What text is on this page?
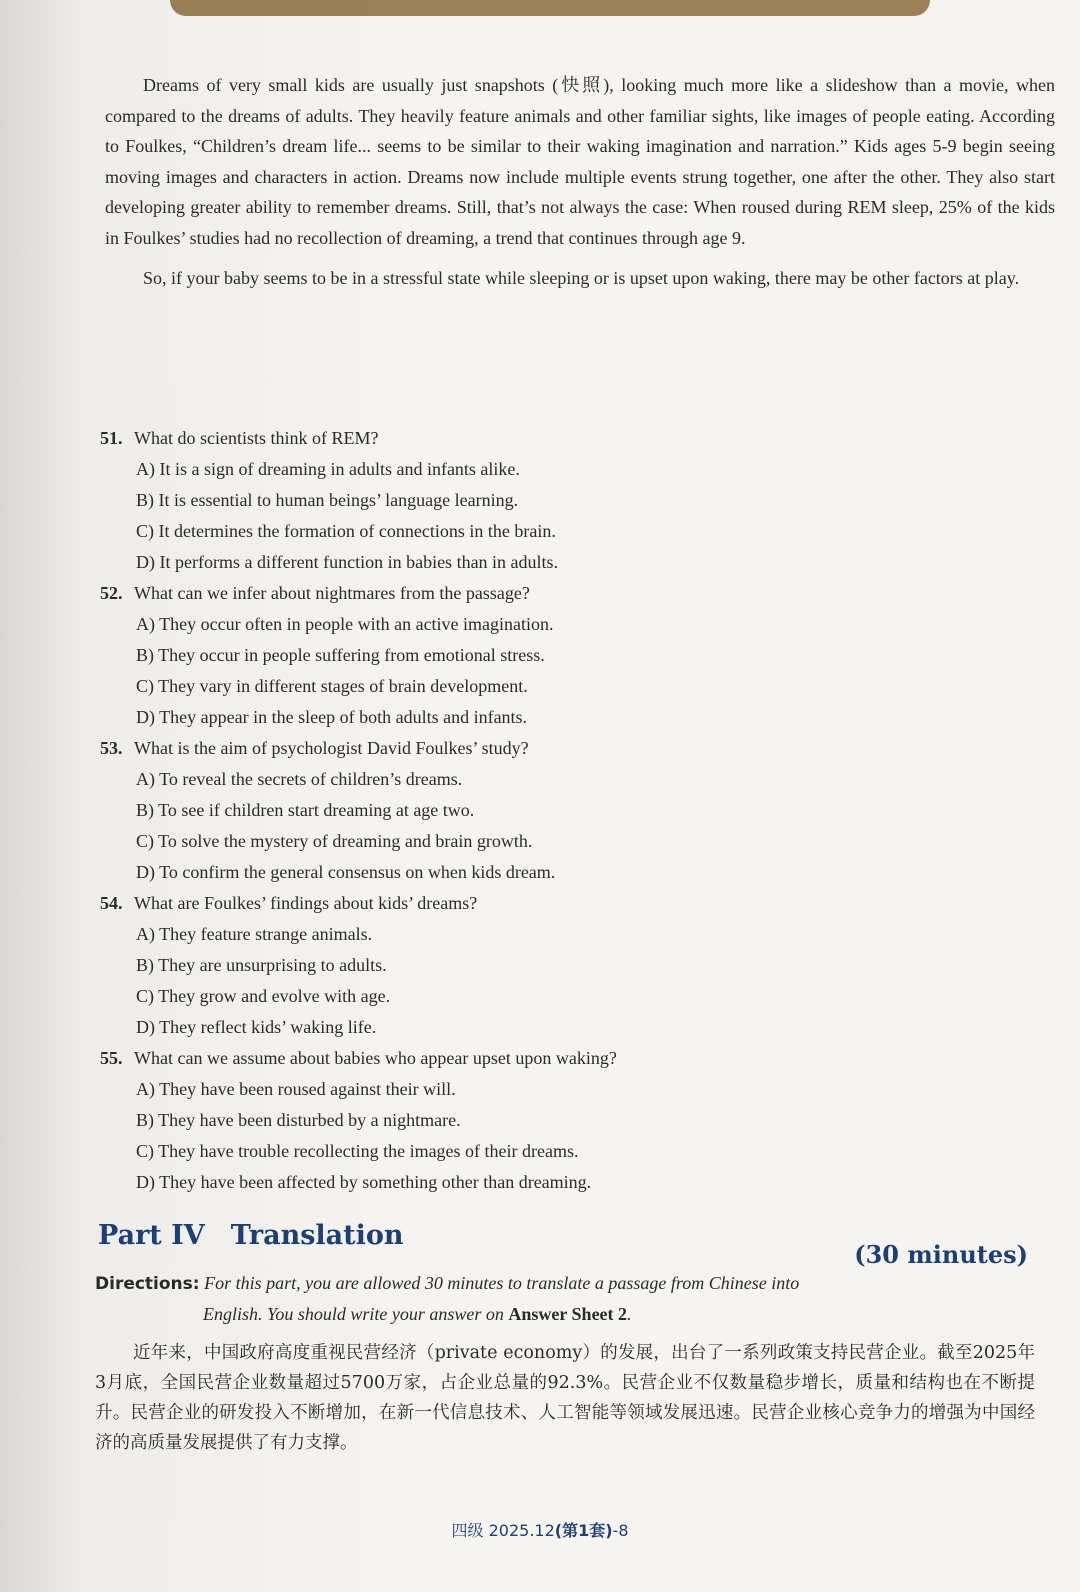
Dreams of very small kids are usually just snapshots (快照), looking much more like a slideshow than a movie, when compared to the dreams of adults. They heavily feature animals and other familiar sights, like images of people eating. According to Foulkes, “Children’s dream life... seems to be similar to their waking imagination and narration.” Kids ages 5-9 begin seeing moving images and characters in action. Dreams now include multiple events strung together, one after the other. They also start developing greater ability to remember dreams. Still, that’s not always the case: When roused during REM sleep, 25% of the kids in Foulkes’ studies had no recollection of dreaming, a trend that continues through age 9.

So, if your baby seems to be in a stressful state while sleeping or is upset upon waking, there may be other factors at play.

51. What do scientists think of REM?
A) It is a sign of dreaming in adults and infants alike.
B) It is essential to human beings’ language learning.
C) It determines the formation of connections in the brain.
D) It performs a different function in babies than in adults.
52. What can we infer about nightmares from the passage?
A) They occur often in people with an active imagination.
B) They occur in people suffering from emotional stress.
C) They vary in different stages of brain development.
D) They appear in the sleep of both adults and infants.
53. What is the aim of psychologist David Foulkes’ study?
A) To reveal the secrets of children’s dreams.
B) To see if children start dreaming at age two.
C) To solve the mystery of dreaming and brain growth.
D) To confirm the general consensus on when kids dream.
54. What are Foulkes’ findings about kids’ dreams?
A) They feature strange animals.
B) They are unsurprising to adults.
C) They grow and evolve with age.
D) They reflect kids’ waking life.
55. What can we assume about babies who appear upset upon waking?
A) They have been roused against their will.
B) They have been disturbed by a nightmare.
C) They have trouble recollecting the images of their dreams.
D) They have been affected by something other than dreaming.
Part IV Translation
(30 minutes)
Directions: For this part, you are allowed 30 minutes to translate a passage from Chinese into
English. You should write your answer on Answer Sheet 2.

近年来，中国政府高度重视民营经济（private economy）的发展，出台了一系列政策支持民营企业。截至2025年3月底，全国民营企业数量超过5700万家，占企业总量的92.3%。民营企业不仅数量稳步增长，质量和结构也在不断提升。民营企业的研发投入不断增加，在新一代信息技术、人工智能等领域发展迅速。民营企业核心竞争力的增强为中国经济的高质量发展提供了有力支撑。

四级 2025.12(第1套)-8
